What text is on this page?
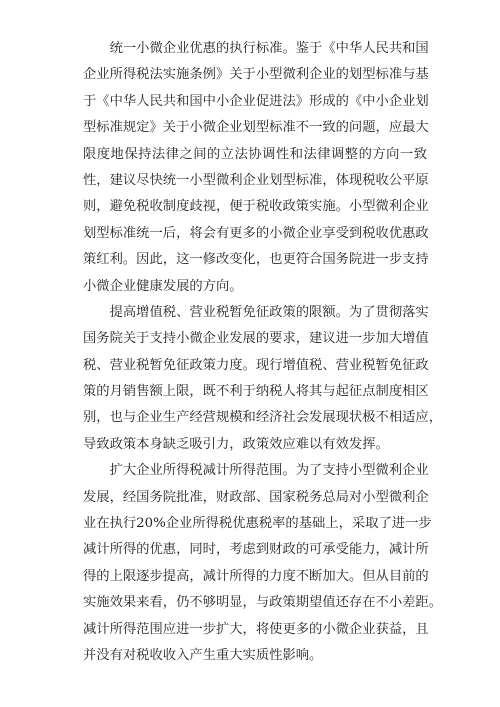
　　统一小微企业优惠的执行标准。鉴于《中华人民共和国
企业所得税法实施条例》关于小型微利企业的划型标准与基
于《中华人民共和国中小企业促进法》形成的《中小企业划
型标准规定》关于小微企业划型标准不一致的问题，应最大
限度地保持法律之间的立法协调性和法律调整的方向一致
性，建议尽快统一小型微利企业划型标准，体现税收公平原
则，避免税收制度歧视，便于税收政策实施。小型微利企业
划型标准统一后，将会有更多的小微企业享受到税收优惠政
策红利。因此，这一修改变化，也更符合国务院进一步支持
小微企业健康发展的方向。
　　提高增值税、营业税暂免征政策的限额。为了贯彻落实
国务院关于支持小微企业发展的要求，建议进一步加大增值
税、营业税暂免征政策力度。现行增值税、营业税暂免征政
策的月销售额上限，既不利于纳税人将其与起征点制度相区
别，也与企业生产经营规模和经济社会发展现状极不相适应，
导致政策本身缺乏吸引力，政策效应难以有效发挥。
　　扩大企业所得税减计所得范围。为了支持小型微利企业
发展，经国务院批准，财政部、国家税务总局对小型微利企
业在执行20%企业所得税优惠税率的基础上，采取了进一步
减计所得的优惠，同时，考虑到财政的可承受能力，减计所
得的上限逐步提高，减计所得的力度不断加大。但从目前的
实施效果来看，仍不够明显，与政策期望值还存在不小差距。
减计所得范围应进一步扩大，将使更多的小微企业获益，且
并没有对税收收入产生重大实质性影响。
